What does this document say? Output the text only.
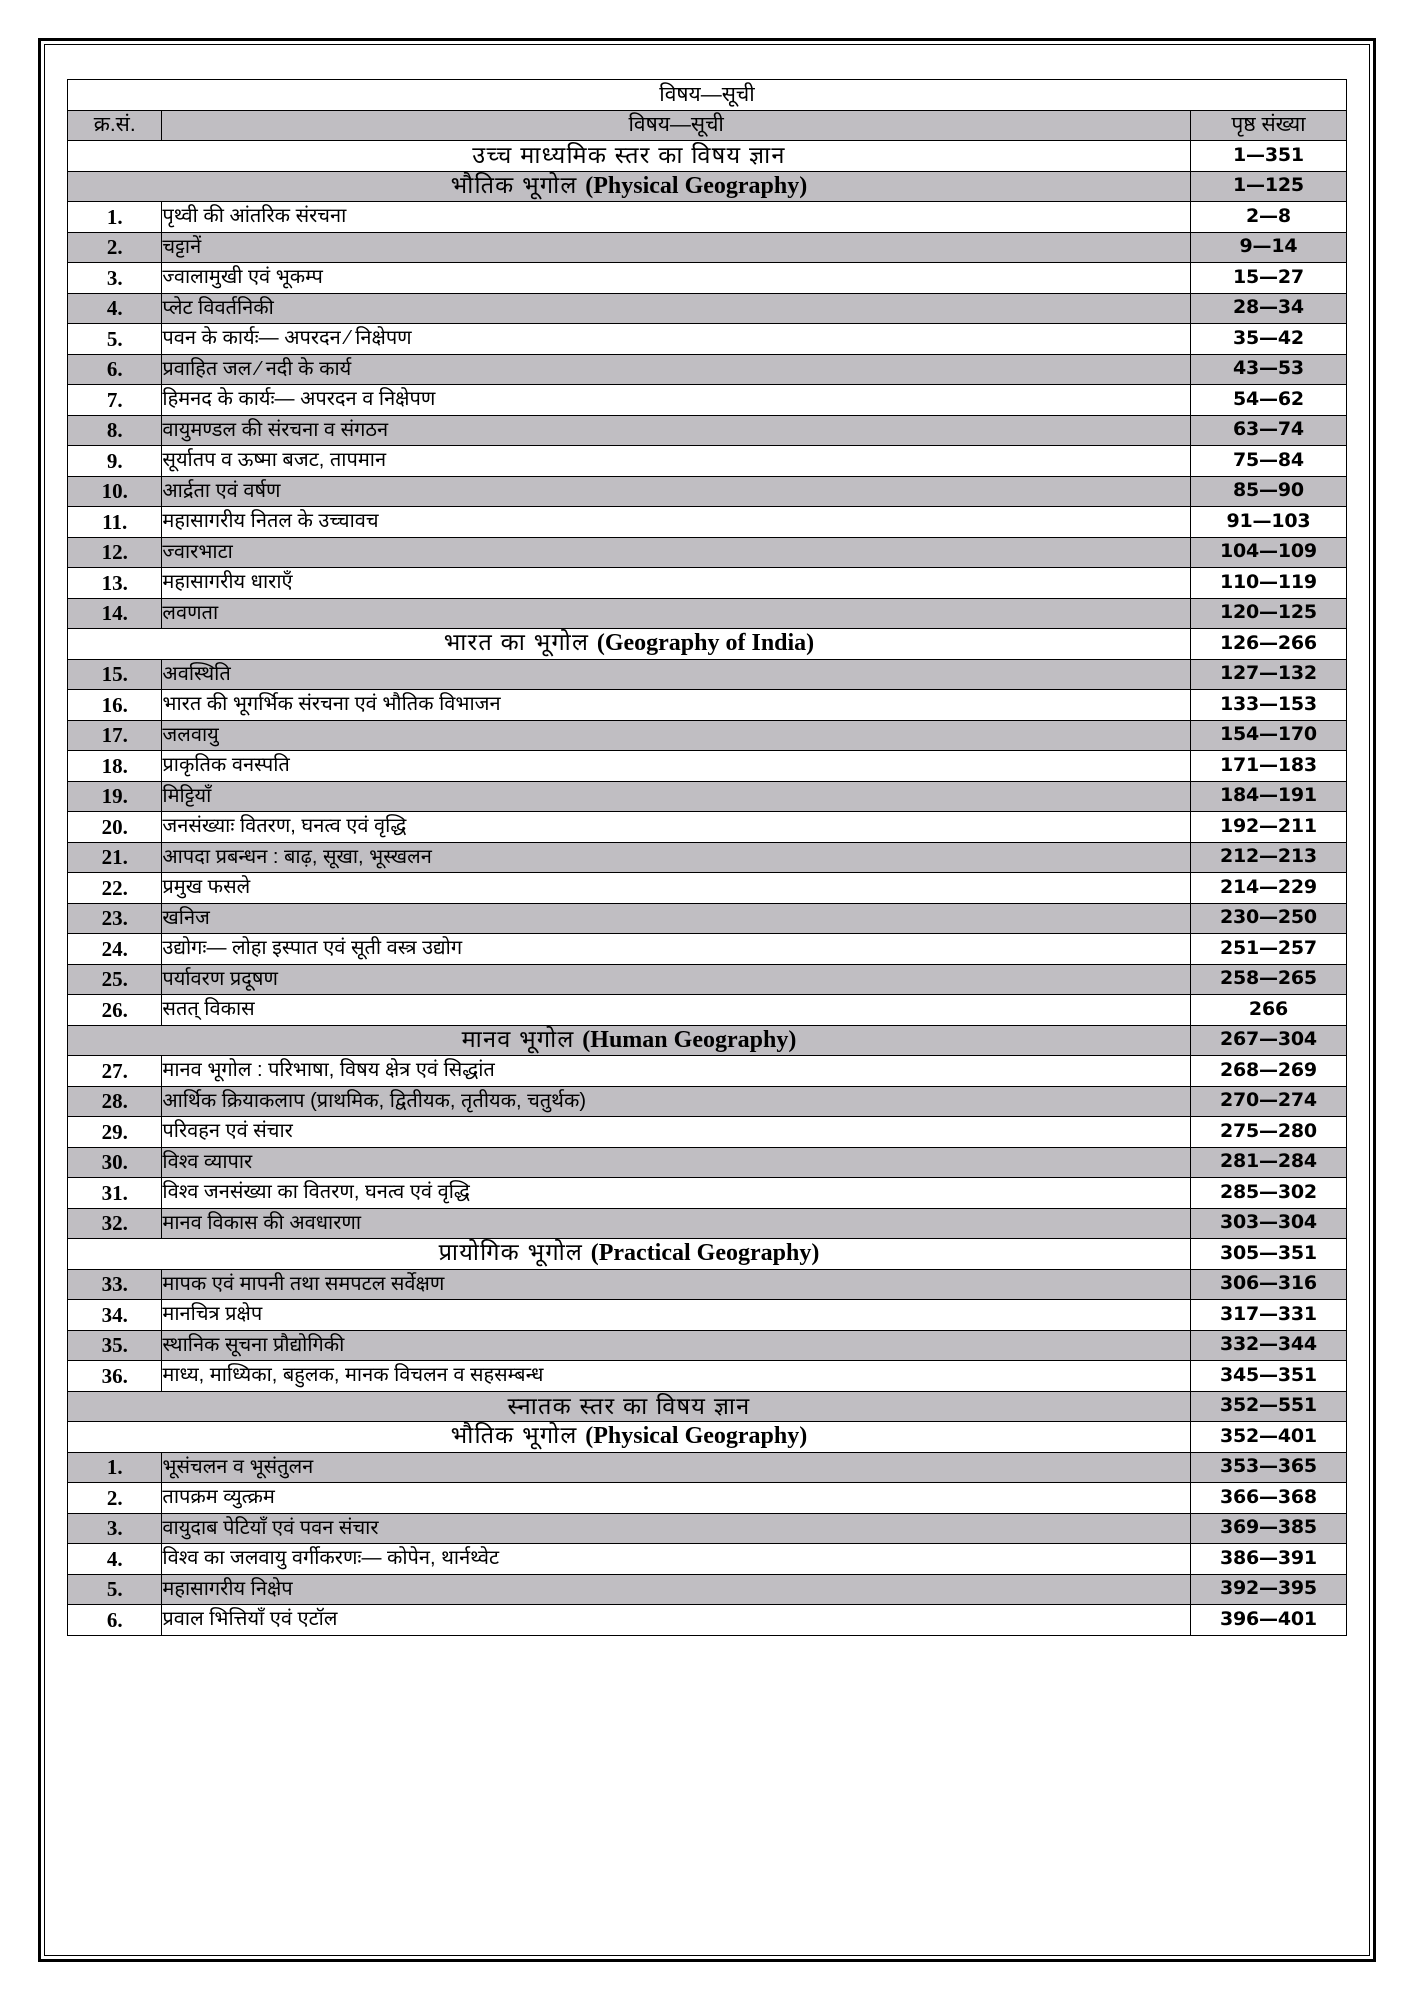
विषय—सूची		
क्र.सं.	विषय—सूची	पृष्ठ संख्या
उच्च माध्यमिक स्तर का विषय ज्ञान		1—351
भौतिक भूगोल (Physical Geography)		1—125
1.	पृथ्वी की आंतरिक संरचना	2—8
2.	चट्टानें	9—14
3.	ज्वालामुखी एवं भूकम्प	15—27
4.	प्लेट विवर्तनिकी	28—34
5.	पवन के कार्यः— अपरदन ⁄ निक्षेपण	35—42
6.	प्रवाहित जल ⁄ नदी के कार्य	43—53
7.	हिमनद के कार्यः— अपरदन व निक्षेपण	54—62
8.	वायुमण्डल की संरचना व संगठन	63—74
9.	सूर्यातप व ऊष्मा बजट, तापमान	75—84
10.	आर्द्रता एवं वर्षण	85—90
11.	महासागरीय नितल के उच्चावच	91—103
12.	ज्वारभाटा	104—109
13.	महासागरीय धाराएँ	110—119
14.	लवणता	120—125
भारत का भूगोल (Geography of India)		126—266
15.	अवस्थिति	127—132
16.	भारत की भूगर्भिक संरचना एवं भौतिक विभाजन	133—153
17.	जलवायु	154—170
18.	प्राकृतिक वनस्पति	171—183
19.	मिट्टियाँ	184—191
20.	जनसंख्याः वितरण, घनत्व एवं वृद्धि	192—211
21.	आपदा प्रबन्धन : बाढ़, सूखा, भूस्खलन	212—213
22.	प्रमुख फसले	214—229
23.	खनिज	230—250
24.	उद्योगः— लोहा इस्पात एवं सूती वस्त्र उद्योग	251—257
25.	पर्यावरण प्रदूषण	258—265
26.	सतत् विकास	266
मानव भूगोल (Human Geography)		267—304
27.	मानव भूगोल : परिभाषा, विषय क्षेत्र एवं सिद्धांत	268—269
28.	आर्थिक क्रियाकलाप (प्राथमिक, द्वितीयक, तृतीयक, चतुर्थक)	270—274
29.	परिवहन एवं संचार	275—280
30.	विश्व व्यापार	281—284
31.	विश्व जनसंख्या का वितरण, घनत्व एवं वृद्धि	285—302
32.	मानव विकास की अवधारणा	303—304
प्रायोगिक भूगोल (Practical Geography)		305—351
33.	मापक एवं मापनी तथा समपटल सर्वेक्षण	306—316
34.	मानचित्र प्रक्षेप	317—331
35.	स्थानिक सूचना प्रौद्योगिकी	332—344
36.	माध्य, माध्यिका, बहुलक, मानक विचलन व सहसम्बन्ध	345—351
स्नातक स्तर का विषय ज्ञान		352—551
भौतिक भूगोल (Physical Geography)		352—401
1.	भूसंचलन व भूसंतुलन	353—365
2.	तापक्रम व्युत्क्रम	366—368
3.	वायुदाब पेटियाँ एवं पवन संचार	369—385
4.	विश्व का जलवायु वर्गीकरणः— कोपेन, थार्नथ्वेट	386—391
5.	महासागरीय निक्षेप	392—395
6.	प्रवाल भित्तियाँ एवं एटॉल	396—401
